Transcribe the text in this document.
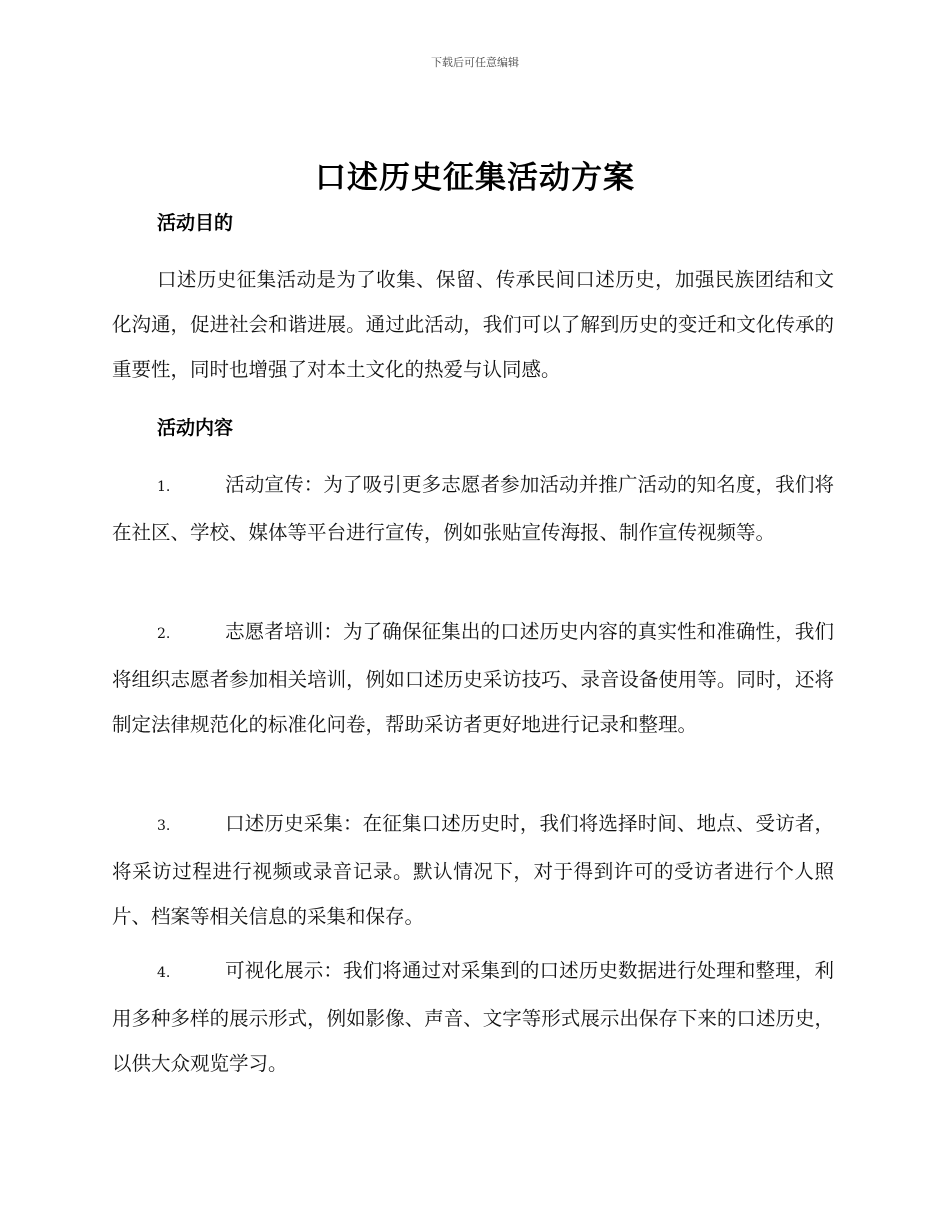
下载后可任意编辑
口述历史征集活动方案
活动目的

口述历史征集活动是为了收集、保留、传承民间口述历史，加强民族团结和文化沟通，促进社会和谐进展。通过此活动，我们可以了解到历史的变迁和文化传承的重要性，同时也增强了对本土文化的热爱与认同感。

活动内容

1.	活动宣传：为了吸引更多志愿者参加活动并推广活动的知名度，我们将在社区、学校、媒体等平台进行宣传，例如张贴宣传海报、制作宣传视频等。

2.	志愿者培训：为了确保征集出的口述历史内容的真实性和准确性，我们将组织志愿者参加相关培训，例如口述历史采访技巧、录音设备使用等。同时，还将制定法律规范化的标准化问卷，帮助采访者更好地进行记录和整理。

3.	口述历史采集：在征集口述历史时，我们将选择时间、地点、受访者，将采访过程进行视频或录音记录。默认情况下，对于得到许可的受访者进行个人照片、档案等相关信息的采集和保存。

4.	可视化展示：我们将通过对采集到的口述历史数据进行处理和整理，利用多种多样的展示形式，例如影像、声音、文字等形式展示出保存下来的口述历史，以供大众观览学习。
